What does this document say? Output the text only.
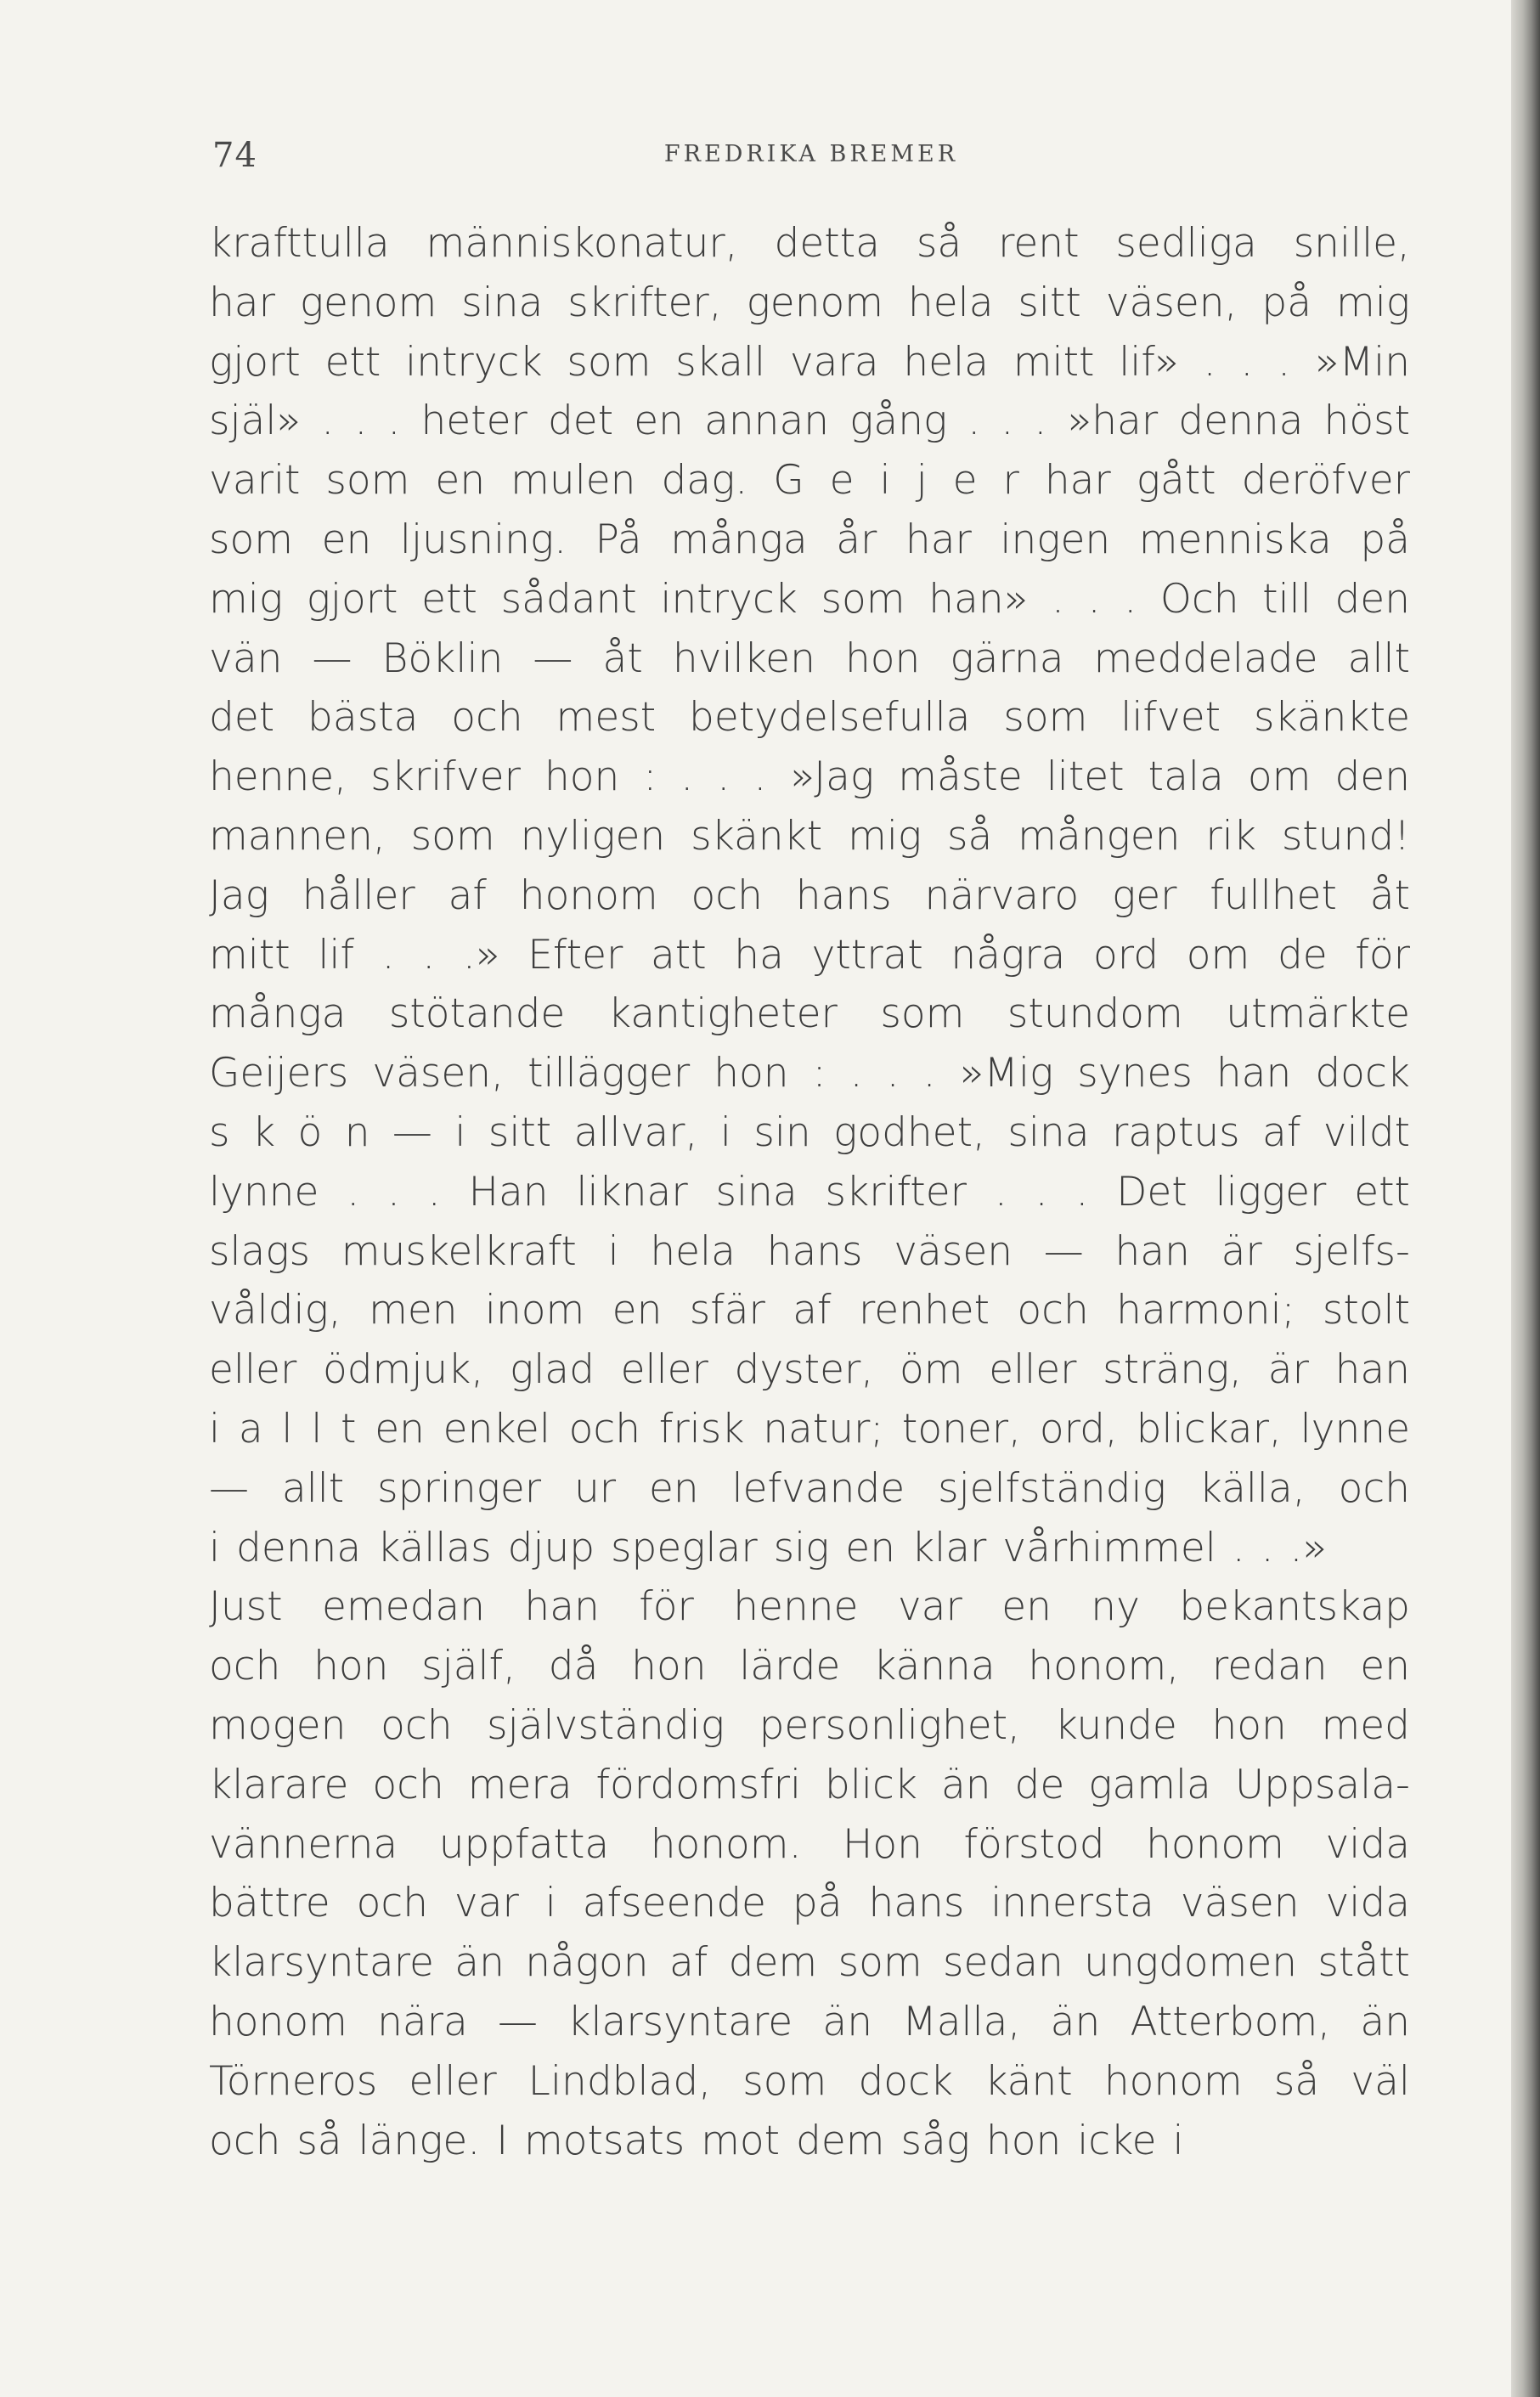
74	FREDRIKA BREMER
krafttulla människonatur, detta så rent sedliga snille,
har genom sina skrifter, genom hela sitt väsen, på mig
gjort ett intryck som skall vara hela mitt lif» . . . »Min
själ» . . . heter det en annan gång . . . »har denna höst
varit som en mulen dag. G e i j e r har gått deröfver
som en ljusning. På många år har ingen menniska på
mig gjort ett sådant intryck som han» . . . Och till den
vän — Böklin — åt hvilken hon gärna meddelade allt
det bästa och mest betydelsefulla som lifvet skänkte
henne, skrifver hon : . . . »Jag måste litet tala om den
mannen, som nyligen skänkt mig så mången rik stund!
Jag håller af honom och hans närvaro ger fullhet åt
mitt lif . . .» Efter att ha yttrat några ord om de för
många stötande kantigheter som stundom utmärkte
Geijers väsen, tillägger hon : . . . »Mig synes han dock
s k ö n — i sitt allvar, i sin godhet, sina raptus af vildt
lynne . . . Han liknar sina skrifter . . . Det ligger ett
slags muskelkraft i hela hans väsen — han är sjelfs-
våldig, men inom en sfär af renhet och harmoni; stolt
eller ödmjuk, glad eller dyster, öm eller sträng, är han
i a l l t en enkel och frisk natur; toner, ord, blickar, lynne
— allt springer ur en lefvande sjelfständig källa, och
i denna källas djup speglar sig en klar vårhimmel . . .»
Just emedan han för henne var en ny bekantskap
och hon själf, då hon lärde känna honom, redan en
mogen och självständig personlighet, kunde hon med
klarare och mera fördomsfri blick än de gamla Uppsala-
vännerna uppfatta honom. Hon förstod honom vida
bättre och var i afseende på hans innersta väsen vida
klarsyntare än någon af dem som sedan ungdomen stått
honom nära — klarsyntare än Malla, än Atterbom, än
Törneros eller Lindblad, som dock känt honom så väl
och så länge. I motsats mot dem såg hon icke i
